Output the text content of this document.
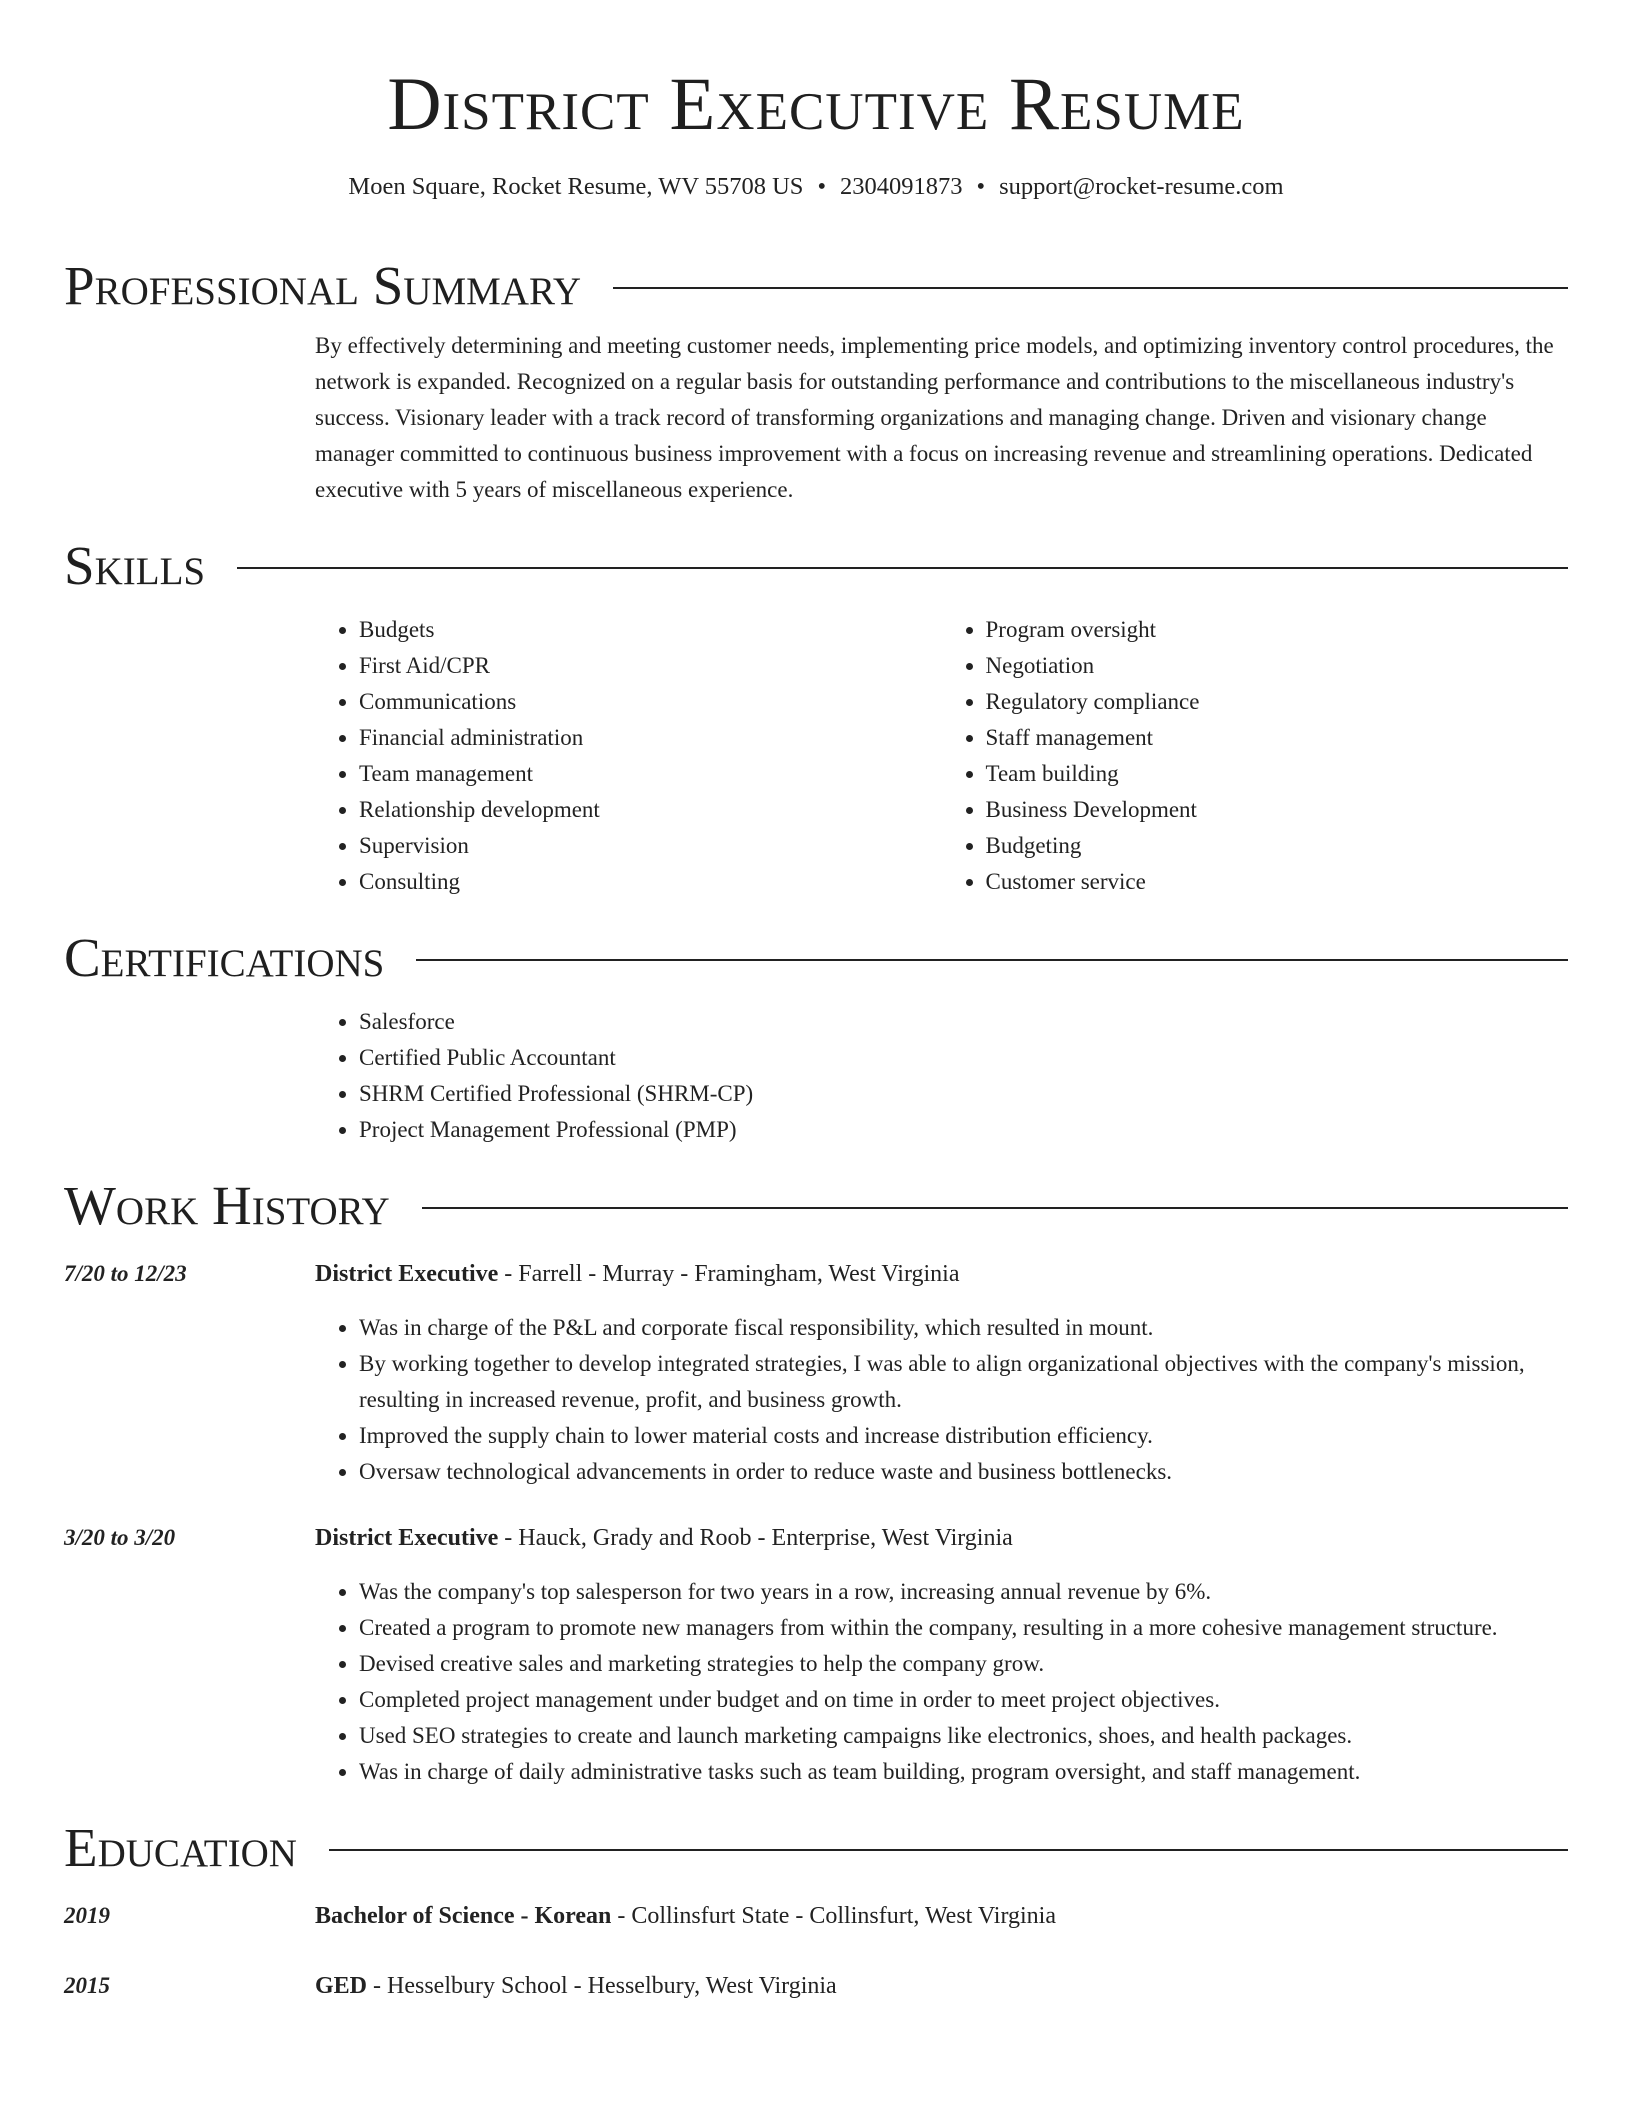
District Executive Resume
Moen Square, Rocket Resume, WV 55708 US • 2304091873 • support@rocket-resume.com
Professional Summary
By effectively determining and meeting customer needs, implementing price models, and optimizing inventory control procedures, the network is expanded. Recognized on a regular basis for outstanding performance and contributions to the miscellaneous industry's success. Visionary leader with a track record of transforming organizations and managing change. Driven and visionary change manager committed to continuous business improvement with a focus on increasing revenue and streamlining operations. Dedicated executive with 5 years of miscellaneous experience.
Skills
• Budgets
• First Aid/CPR
• Communications
• Financial administration
• Team management
• Relationship development
• Supervision
• Consulting
• Program oversight
• Negotiation
• Regulatory compliance
• Staff management
• Team building
• Business Development
• Budgeting
• Customer service
Certifications
• Salesforce
• Certified Public Accountant
• SHRM Certified Professional (SHRM-CP)
• Project Management Professional (PMP)
Work History
7/20 to 12/23	District Executive - Farrell - Murray - Framingham, West Virginia
• Was in charge of the P&L and corporate fiscal responsibility, which resulted in mount.
• By working together to develop integrated strategies, I was able to align organizational objectives with the company's mission, resulting in increased revenue, profit, and business growth.
• Improved the supply chain to lower material costs and increase distribution efficiency.
• Oversaw technological advancements in order to reduce waste and business bottlenecks.
3/20 to 3/20	District Executive - Hauck, Grady and Roob - Enterprise, West Virginia
• Was the company's top salesperson for two years in a row, increasing annual revenue by 6%.
• Created a program to promote new managers from within the company, resulting in a more cohesive management structure.
• Devised creative sales and marketing strategies to help the company grow.
• Completed project management under budget and on time in order to meet project objectives.
• Used SEO strategies to create and launch marketing campaigns like electronics, shoes, and health packages.
• Was in charge of daily administrative tasks such as team building, program oversight, and staff management.
Education
2019	Bachelor of Science - Korean - Collinsfurt State - Collinsfurt, West Virginia
2015	GED - Hesselbury School - Hesselbury, West Virginia
